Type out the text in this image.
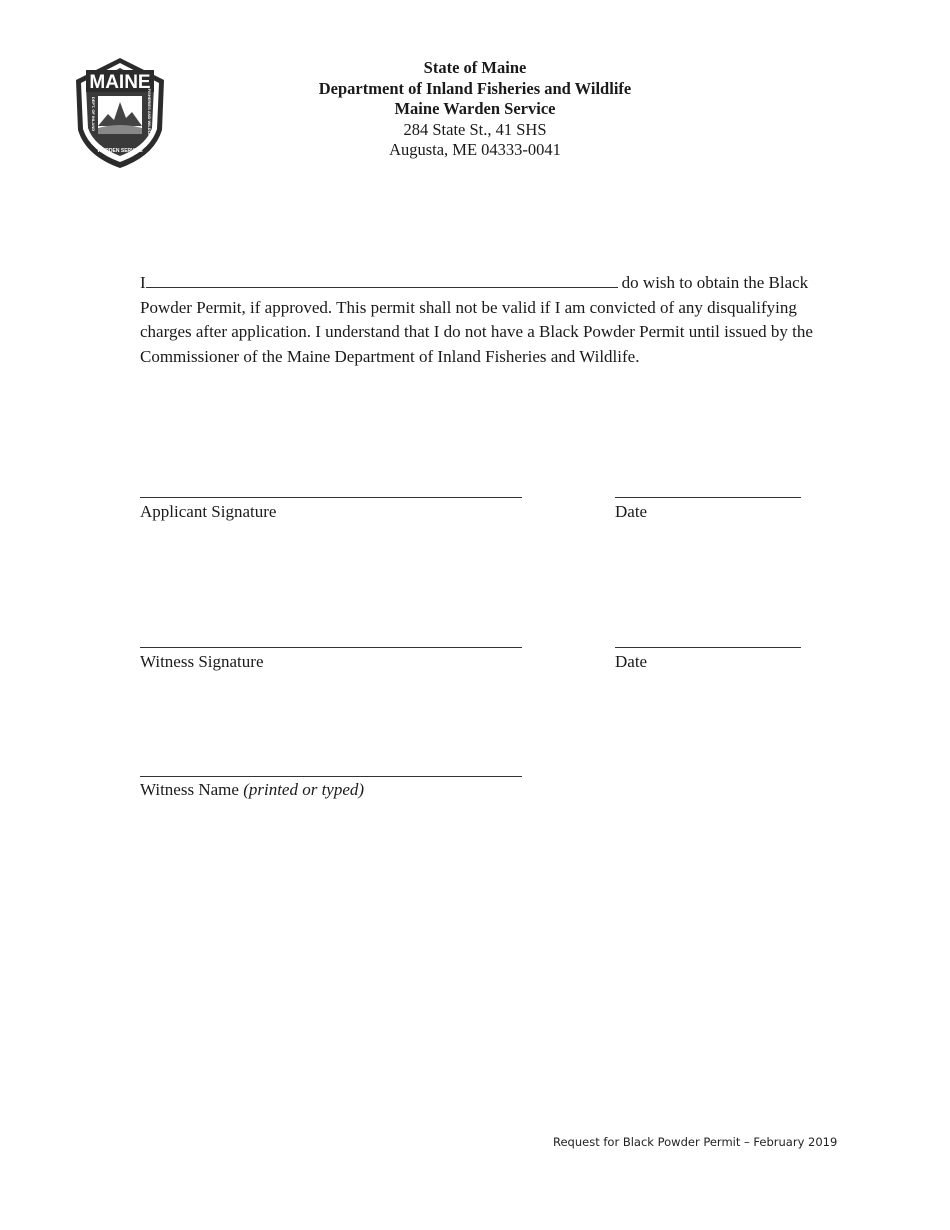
MAINE
WARDEN SERVICE
DEPT. OF INLAND	FISHERIES AND WILDLIFE
State of Maine
Department of Inland Fisheries and Wildlife
Maine Warden Service
284 State St., 41 SHS
Augusta, ME 04333-0041
I	do wish to obtain the Black Powder Permit, if approved. This permit shall not be valid if I am convicted of any disqualifying charges after application. I understand that I do not have a Black Powder Permit until issued by the Commissioner of the Maine Department of Inland Fisheries and Wildlife.
Applicant Signature	Date
Witness Signature	Date
Witness Name (printed or typed)
Request for Black Powder Permit – February 2019
